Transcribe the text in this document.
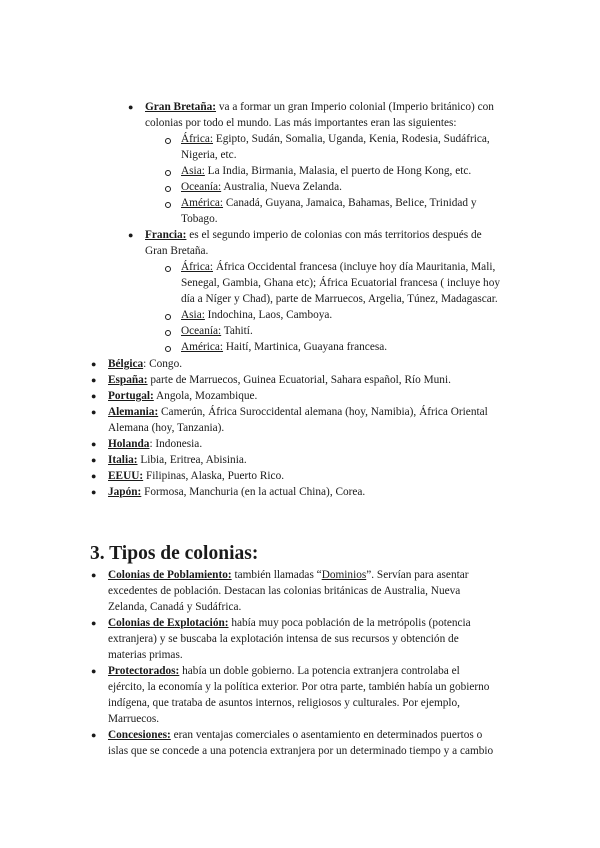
● Gran Bretaña: va a formar un gran Imperio colonial (Imperio británico) con
colonias por todo el mundo. Las más importantes eran las siguientes:
África: Egipto, Sudán, Somalia, Uganda, Kenia, Rodesia, Sudáfrica,
Nigeria, etc.
Asia: La India, Birmania, Malasia, el puerto de Hong Kong, etc.
Oceanía: Australia, Nueva Zelanda.
América: Canadá, Guyana, Jamaica, Bahamas, Belice, Trinidad y
Tobago.
● Francia: es el segundo imperio de colonias con más territorios después de
Gran Bretaña.
África: África Occidental francesa (incluye hoy día Mauritania, Mali,
Senegal, Gambia, Ghana etc); África Ecuatorial francesa ( incluye hoy
día a Níger y Chad), parte de Marruecos, Argelia, Túnez, Madagascar.
Asia: Indochina, Laos, Camboya.
Oceanía: Tahití.
América: Haití, Martinica, Guayana francesa.
● Bélgica: Congo.
● España: parte de Marruecos, Guinea Ecuatorial, Sahara español, Río Muni.
● Portugal: Angola, Mozambique.
● Alemania: Camerún, África Suroccidental alemana (hoy, Namibia), África Oriental
Alemana (hoy, Tanzania).
● Holanda: Indonesia.
● Italia: Libia, Eritrea, Abisinia.
● EEUU: Filipinas, Alaska, Puerto Rico.
● Japón: Formosa, Manchuria (en la actual China), Corea.
3. Tipos de colonias:
● Colonias de Poblamiento: también llamadas “Dominios”. Servían para asentar
excedentes de población. Destacan las colonias británicas de Australia, Nueva
Zelanda, Canadá y Sudáfrica.
● Colonias de Explotación: había muy poca población de la metrópolis (potencia
extranjera) y se buscaba la explotación intensa de sus recursos y obtención de
materias primas.
● Protectorados: había un doble gobierno. La potencia extranjera controlaba el
ejército, la economía y la política exterior. Por otra parte, también había un gobierno
indígena, que trataba de asuntos internos, religiosos y culturales. Por ejemplo,
Marruecos.
● Concesiones: eran ventajas comerciales o asentamiento en determinados puertos o
islas que se concede a una potencia extranjera por un determinado tiempo y a cambio
